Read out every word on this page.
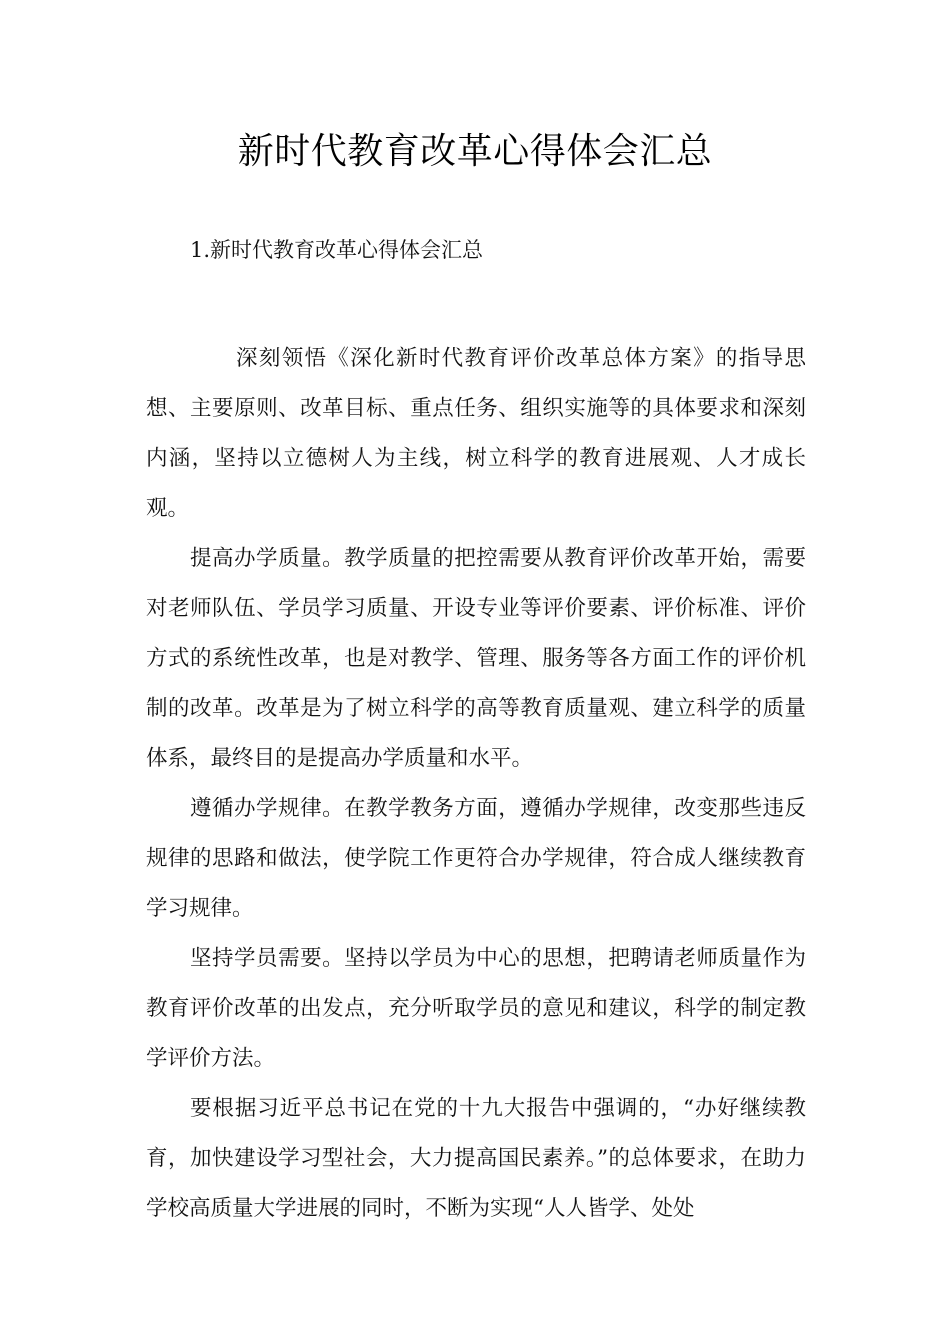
新时代教育改革心得体会汇总

1.新时代教育改革心得体会汇总

深刻领悟《深化新时代教育评价改革总体方案》的指导思想、主要原则、改革目标、重点任务、组织实施等的具体要求和深刻内涵，坚持以立德树人为主线，树立科学的教育进展观、人才成长观。

提高办学质量。教学质量的把控需要从教育评价改革开始，需要对老师队伍、学员学习质量、开设专业等评价要素、评价标准、评价方式的系统性改革，也是对教学、管理、服务等各方面工作的评价机制的改革。改革是为了树立科学的高等教育质量观、建立科学的质量体系，最终目的是提高办学质量和水平。

遵循办学规律。在教学教务方面，遵循办学规律，改变那些违反规律的思路和做法，使学院工作更符合办学规律，符合成人继续教育学习规律。

坚持学员需要。坚持以学员为中心的思想，把聘请老师质量作为教育评价改革的出发点，充分听取学员的意见和建议，科学的制定教学评价方法。

要根据习近平总书记在党的十九大报告中强调的，“办好继续教育，加快建设学习型社会，大力提高国民素养。”的总体要求，在助力学校高质量大学进展的同时，不断为实现“人人皆学、处处
